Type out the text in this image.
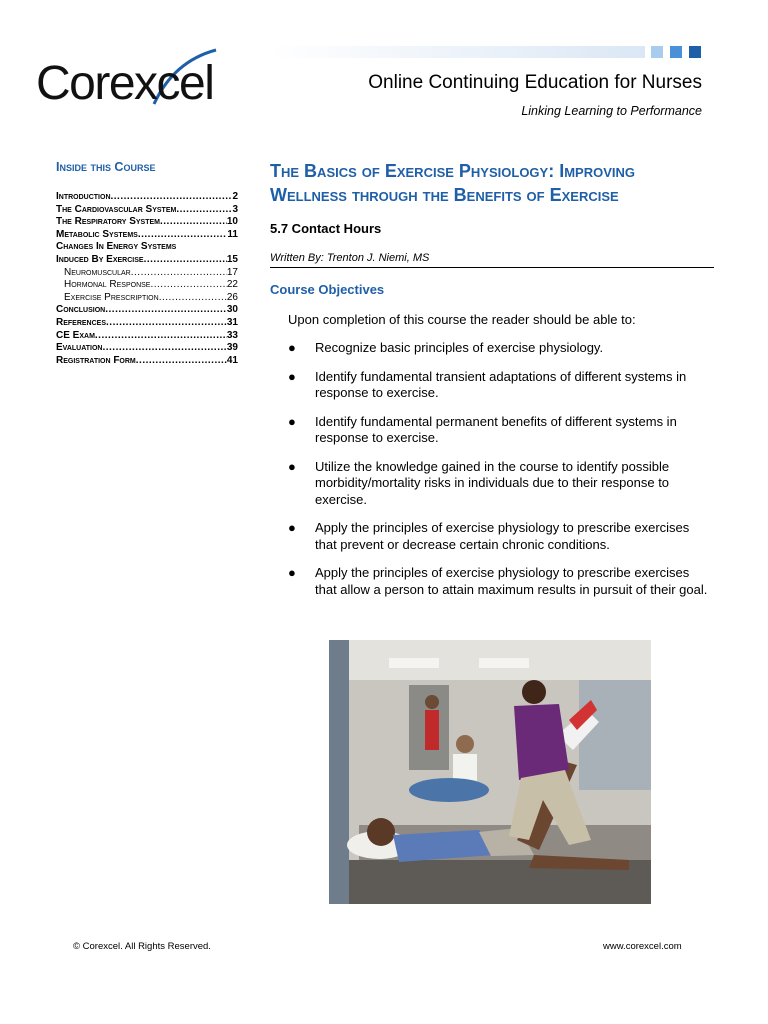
Corexcel	Online Continuing Education for Nurses
Linking Learning to Performance
Inside this Course
Introduction .....	2
The Cardiovascular System .....	3
The Respiratory System .....	10
Metabolic Systems .....	11
Changes In Energy Systems
Induced By Exercise .....	15
Neuromuscular .....	17
Hormonal Response .....	22
Exercise Prescription .....	26
Conclusion .....	30
References .....	31
CE Exam .....	33
Evaluation .....	39
Registration Form .....	41
The Basics of Exercise Physiology: Improving
Wellness through the Benefits of Exercise
5.7 Contact Hours
Written By: Trenton J. Niemi, MS
Course Objectives
Upon completion of this course the reader should be able to:
● Recognize basic principles of exercise physiology.
● Identify fundamental transient adaptations of different systems in response to exercise.
● Identify fundamental permanent benefits of different systems in response to exercise.
● Utilize the knowledge gained in the course to identify possible morbidity/mortality risks in individuals due to their response to exercise.
● Apply the principles of exercise physiology to prescribe exercises that prevent or decrease certain chronic conditions.
● Apply the principles of exercise physiology to prescribe exercises that allow a person to attain maximum results in pursuit of their goal.
© Corexcel. All Rights Reserved.	www.corexcel.com
